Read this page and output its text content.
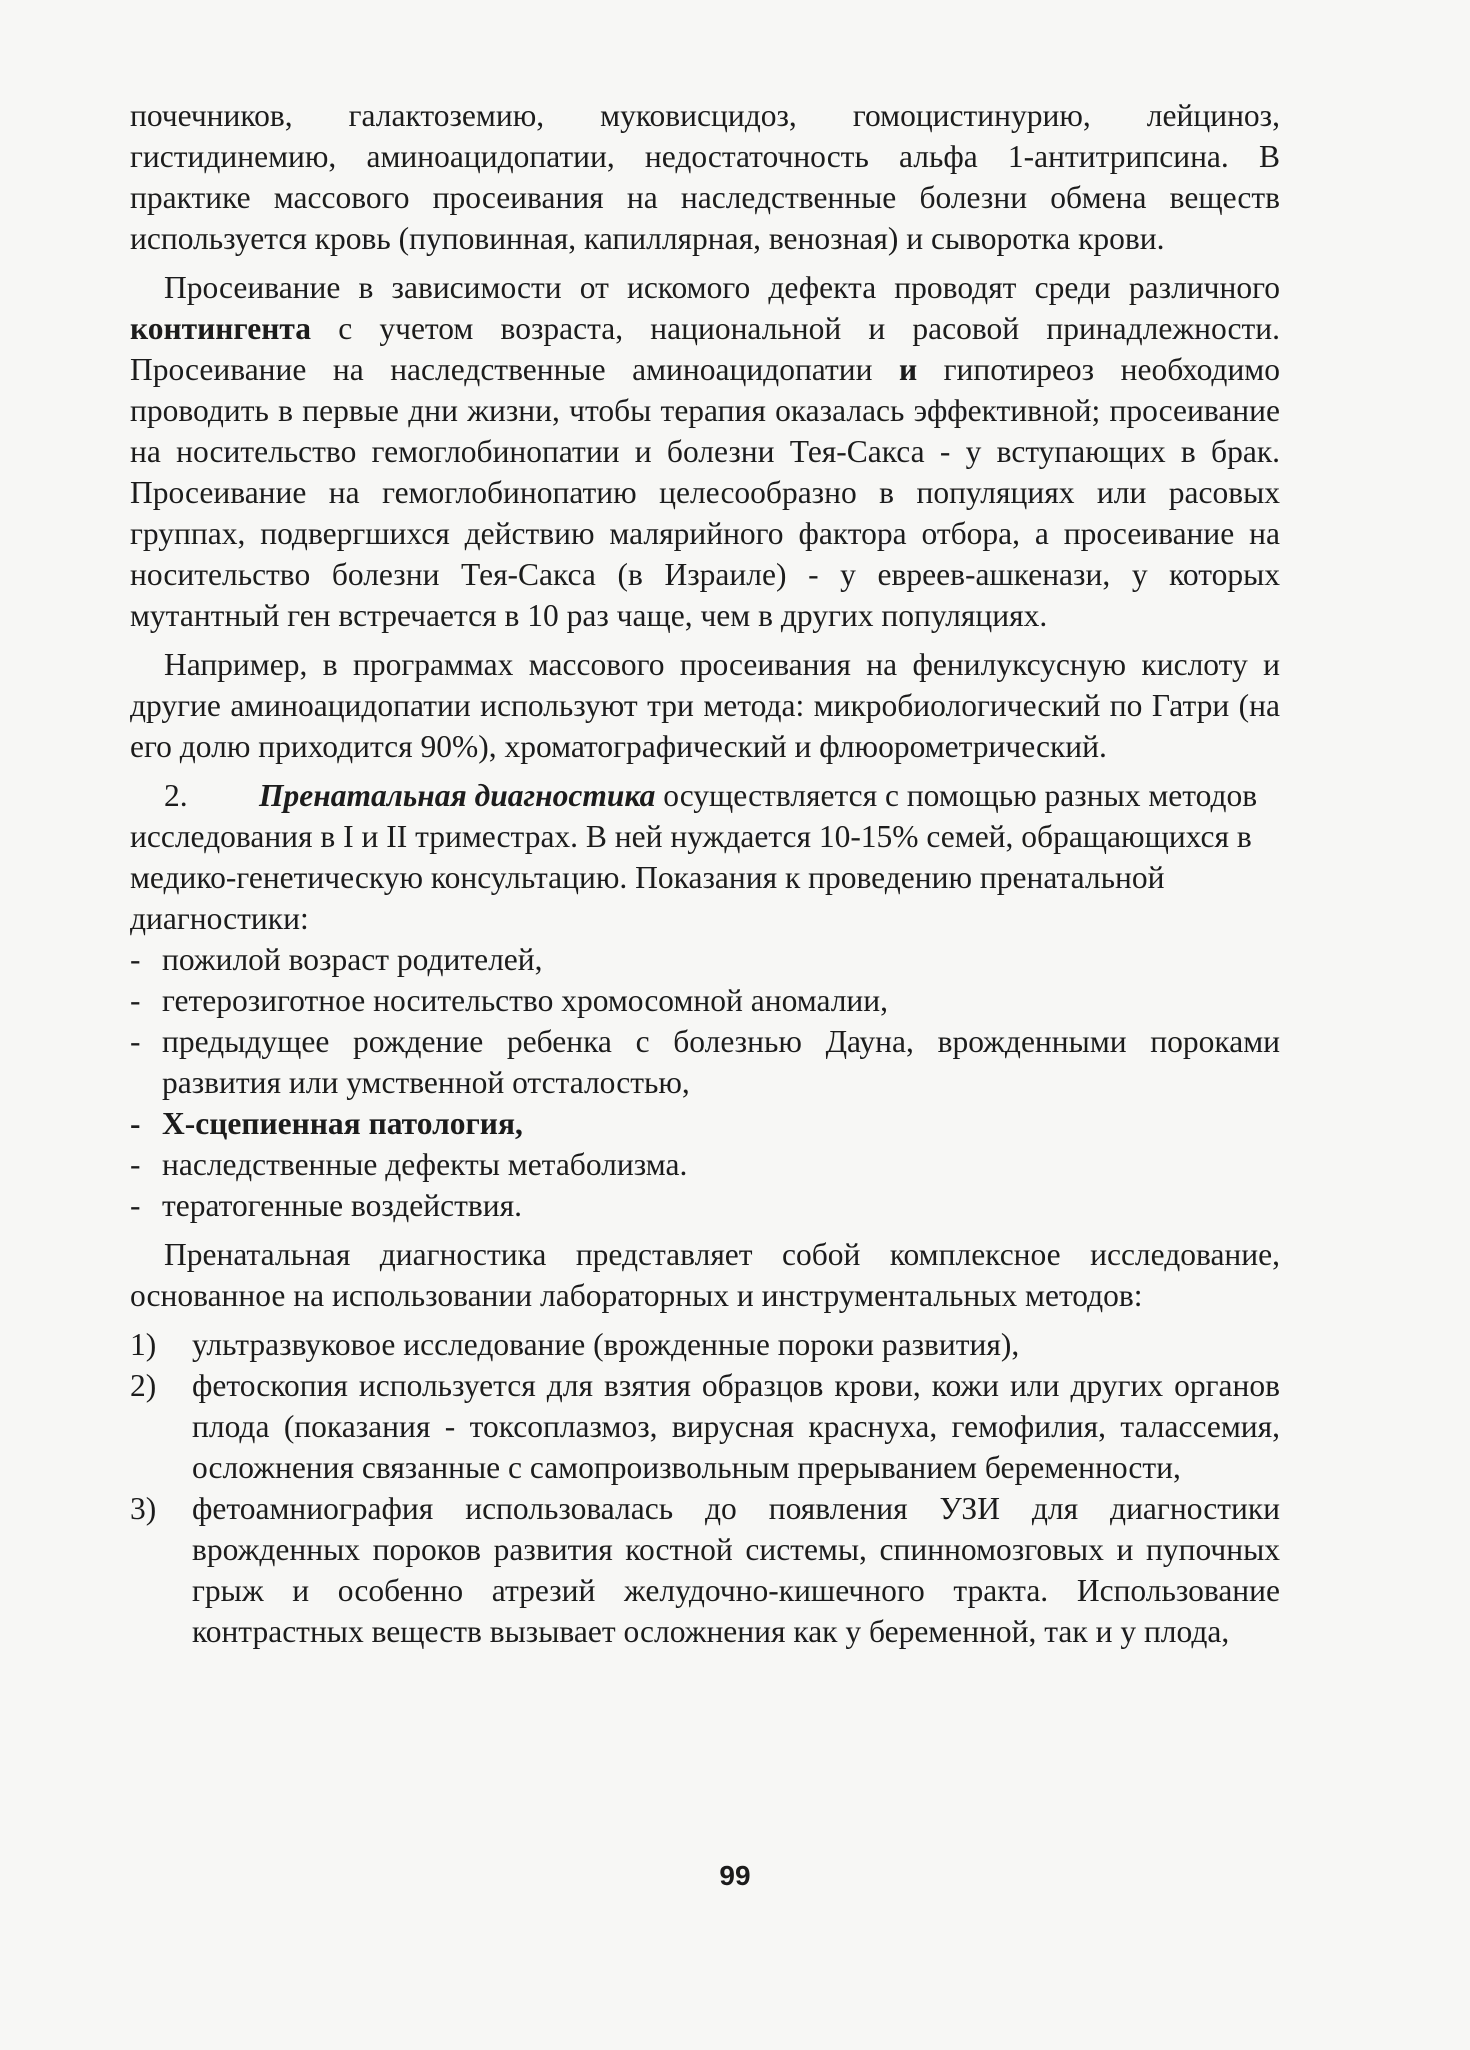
почечников, галактоземию, муковисцидоз, гомоцистинурию, лейциноз, гистидинемию, аминоацидопатии, недостаточность альфа 1-антитрипсина. В практике массового просеивания на наследственные болезни обмена веществ используется кровь (пуповинная, капиллярная, венозная) и сыворотка крови.

Просеивание в зависимости от искомого дефекта проводят среди различного контингента с учетом возраста, национальной и расовой принадлежности. Просеивание на наследственные аминоацидопатии и гипотиреоз необходимо проводить в первые дни жизни, чтобы терапия оказалась эффективной; просеивание на носительство гемоглобинопатии и болезни Тея-Сакса - у вступающих в брак. Просеивание на гемоглобинопатию целесообразно в популяциях или расовых группах, подвергшихся действию малярийного фактора отбора, а просеивание на носительство болезни Тея-Сакса (в Израиле) - у евреев-ашкенази, у которых мутантный ген встречается в 10 раз чаще, чем в других популяциях.

Например, в программах массового просеивания на фенилуксусную кислоту и другие аминоацидопатии используют три метода: микробиологический по Гатри (на его долю приходится 90%), хроматографический и флюорометрический.

2. Пренатальная диагностика осуществляется с помощью разных методов исследования в I и II триместрах. В ней нуждается 10-15% семей, обращающихся в медико-генетическую консультацию. Показания к проведению пренатальной диагностики:

- пожилой возраст родителей,

- гетерозиготное носительство хромосомной аномалии,

- предыдущее рождение ребенка с болезнью Дауна, врожденными пороками развития или умственной отсталостью,

- Х-сцепиенная патология,

- наследственные дефекты метаболизма.

- тератогенные воздействия.

Пренатальная диагностика представляет собой комплексное исследование, основанное на использовании лабораторных и инструментальных методов:

1) ультразвуковое исследование (врожденные пороки развития),

2) фетоскопия используется для взятия образцов крови, кожи или других органов плода (показания - токсоплазмоз, вирусная краснуха, гемофилия, талассемия, осложнения связанные с самопроизвольным прерыванием беременности,

3) фетоамниография использовалась до появления УЗИ для диагностики врожденных пороков развития костной системы, спинномозговых и пупочных грыж и особенно атрезий желудочно-кишечного тракта. Использование контрастных веществ вызывает осложнения как у беременной, так и у плода,

99
